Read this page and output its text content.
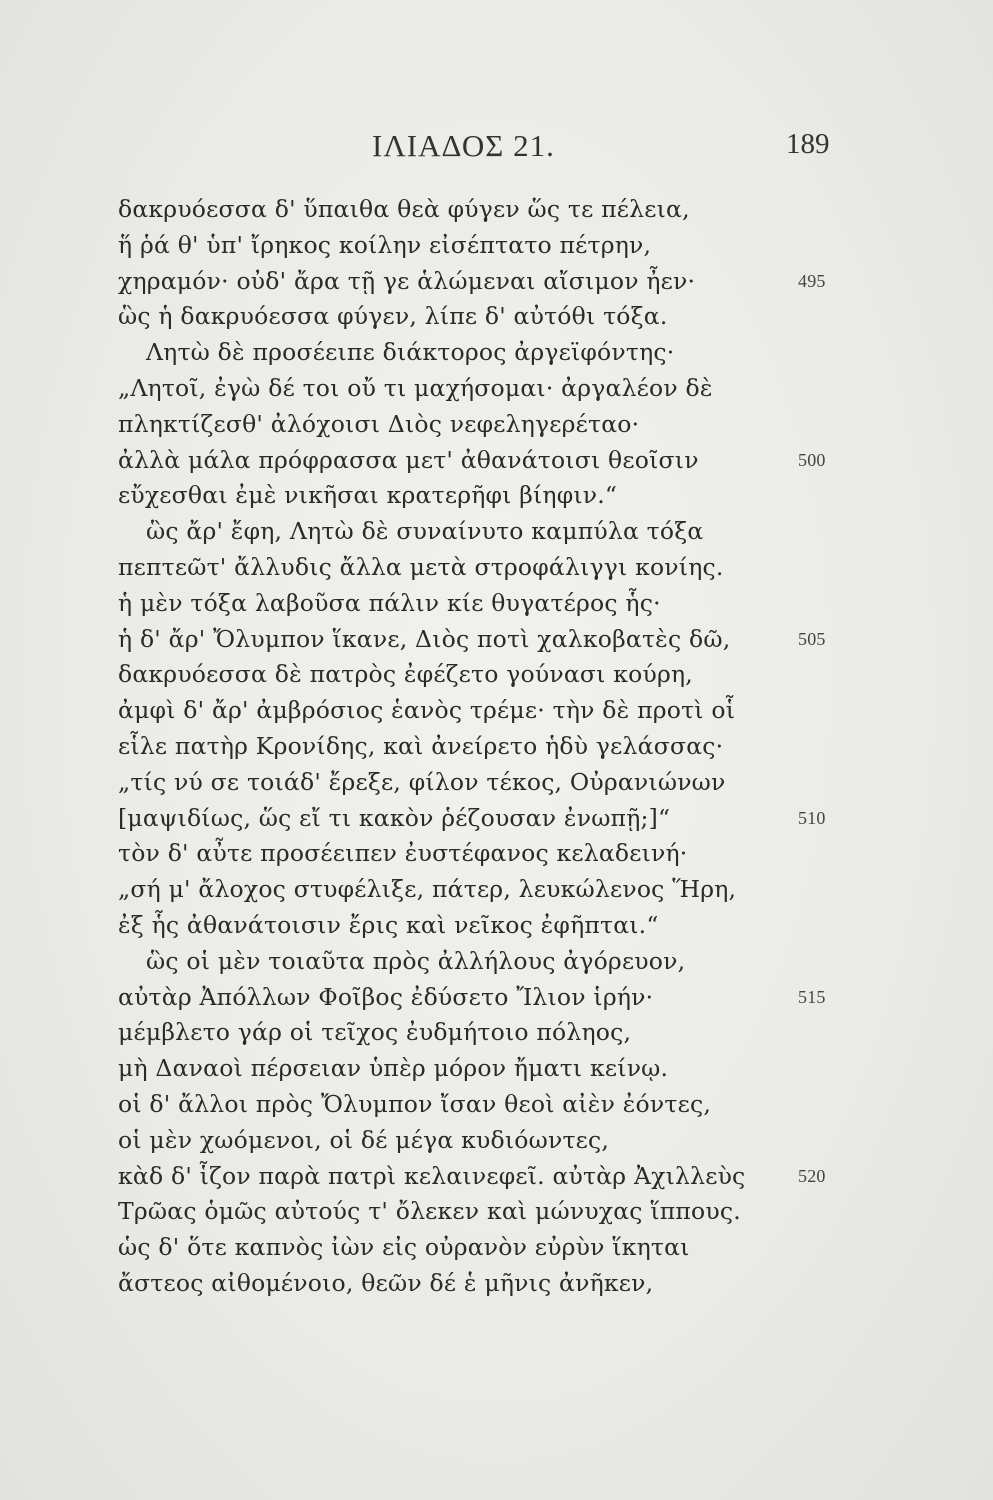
ΙΛΙΑΔΟΣ 21.	189
δακρυόεσσα δ' ὕπαιθα θεὰ φύγεν ὥς τε πέλεια,
ἥ ῥά θ' ὑπ' ἴρηκος κοίλην εἰσέπτατο πέτρην,
χηραμόν· οὐδ' ἄρα τῇ γε ἁλώμεναι αἴσιμον ἦεν·	495
ὣς ἡ δακρυόεσσα φύγεν, λίπε δ' αὐτόθι τόξα.
Λητὼ δὲ προσέειπε διάκτορος ἀργεϊφόντης·
„Λητοῖ, ἐγὼ δέ τοι οὔ τι μαχήσομαι· ἀργαλέον δὲ
πληκτίζεσθ' ἀλόχοισι Διὸς νεφεληγερέταο·
ἀλλὰ μάλα πρόφρασσα μετ' ἀθανάτοισι θεοῖσιν	500
εὔχεσθαι ἐμὲ νικῆσαι κρατερῆφι βίηφιν.“
ὣς ἄρ' ἔφη, Λητὼ δὲ συναίνυτο καμπύλα τόξα
πεπτεῶτ' ἄλλυδις ἄλλα μετὰ στροφάλιγγι κονίης.
ἡ μὲν τόξα λαβοῦσα πάλιν κίε θυγατέρος ἧς·
ἡ δ' ἄρ' Ὄλυμπον ἵκανε, Διὸς ποτὶ χαλκοβατὲς δῶ,	505
δακρυόεσσα δὲ πατρὸς ἐφέζετο γούνασι κούρη,
ἀμφὶ δ' ἄρ' ἀμβρόσιος ἑανὸς τρέμε· τὴν δὲ προτὶ οἷ
εἷλε πατὴρ Κρονίδης, καὶ ἀνείρετο ἡδὺ γελάσσας·
„τίς νύ σε τοιάδ' ἔρεξε, φίλον τέκος, Οὐρανιώνων
[μαψιδίως, ὥς εἴ τι κακὸν ῥέζουσαν ἐνωπῇ;]“	510
τὸν δ' αὖτε προσέειπεν ἐυστέφανος κελαδεινή·
„σή μ' ἄλοχος στυφέλιξε, πάτερ, λευκώλενος Ἥρη,
ἐξ ἧς ἀθανάτοισιν ἔρις καὶ νεῖκος ἐφῆπται.“
ὣς οἱ μὲν τοιαῦτα πρὸς ἀλλήλους ἀγόρευον,
αὐτὰρ Ἀπόλλων Φοῖβος ἐδύσετο Ἴλιον ἱρήν·	515
μέμβλετο γάρ οἱ τεῖχος ἐυδμήτοιο πόληος,
μὴ Δαναοὶ πέρσειαν ὑπὲρ μόρον ἤματι κείνῳ.
οἱ δ' ἄλλοι πρὸς Ὄλυμπον ἴσαν θεοὶ αἰὲν ἐόντες,
οἱ μὲν χωόμενοι, οἱ δέ μέγα κυδιόωντες,
κὰδ δ' ἷζον παρὰ πατρὶ κελαινεφεῖ. αὐτὰρ Ἀχιλλεὺς	520
Τρῶας ὁμῶς αὐτούς τ' ὄλεκεν καὶ μώνυχας ἵππους.
ὡς δ' ὅτε καπνὸς ἰὼν εἰς οὐρανὸν εὐρὺν ἵκηται
ἄστεος αἰθομένοιο, θεῶν δέ ἑ μῆνις ἀνῆκεν,
